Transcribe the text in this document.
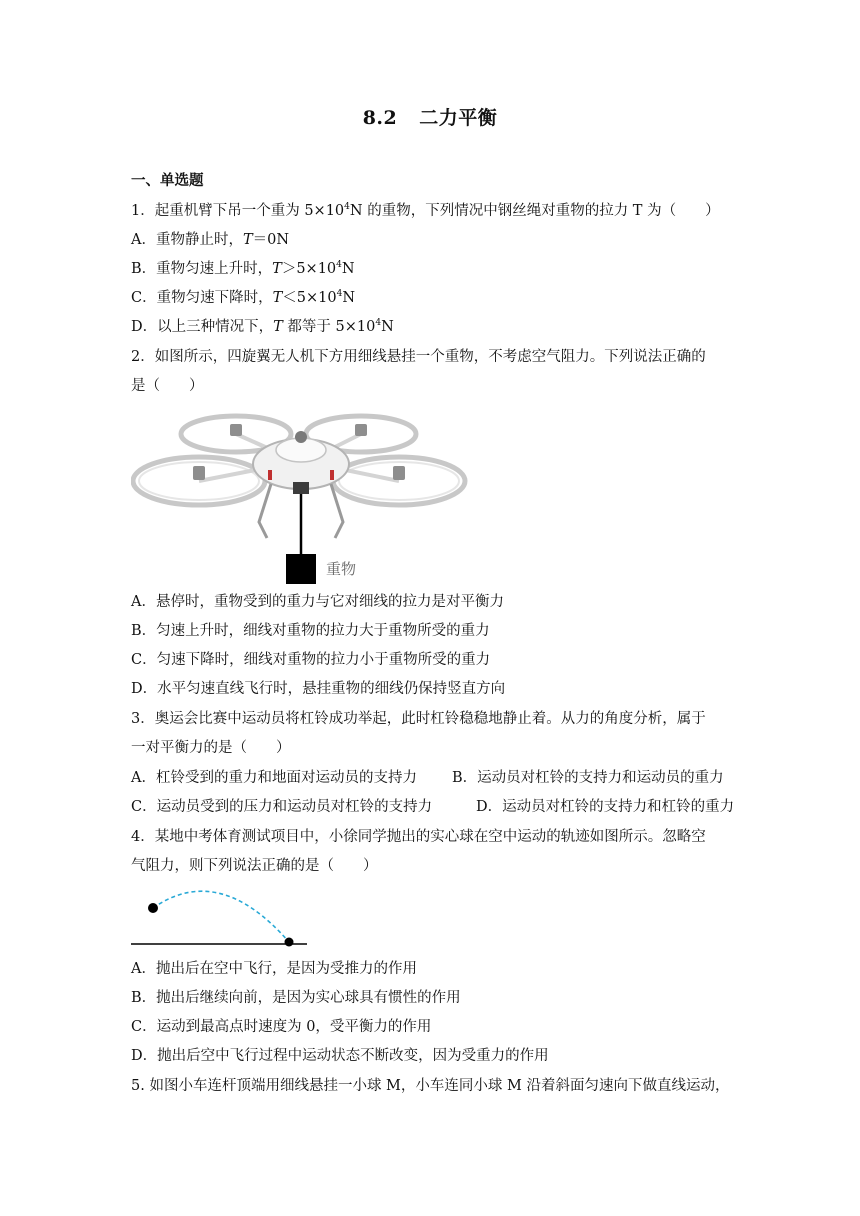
8.2 二力平衡
一、单选题
1．起重机臂下吊一个重为 $5\times 10^4N$ 的重物，下列情况中钢丝绳对重物的拉力 T 为（　　）
A．重物静止时，T＝0N
B．重物匀速上升时，$T>5\times 10^4N$
C．重物匀速下降时，$T<5\times 10^4N$
D．以上三种情况下，T 都等于 $5\times 10^4N$
2．如图所示，四旋翼无人机下方用细线悬挂一个重物，不考虑空气阻力。下列说法正确的
是（　　）
重物
A．悬停时，重物受到的重力与它对细线的拉力是对平衡力
B．匀速上升时，细线对重物的拉力大于重物所受的重力
C．匀速下降时，细线对重物的拉力小于重物所受的重力
D．水平匀速直线飞行时，悬挂重物的细线仍保持竖直方向
3．奥运会比赛中运动员将杠铃成功举起，此时杠铃稳稳地静止着。从力的角度分析，属于
一对平衡力的是（　　）
A．杠铃受到的重力和地面对运动员的支持力 B．运动员对杠铃的支持力和运动员的重力
C．运动员受到的压力和运动员对杠铃的支持力	D．运动员对杠铃的支持力和杠铃的重力
4．某地中考体育测试项目中，小徐同学抛出的实心球在空中运动的轨迹如图所示。忽略空
气阻力，则下列说法正确的是（　　）
A．抛出后在空中飞行，是因为受推力的作用
B．抛出后继续向前，是因为实心球具有惯性的作用
C．运动到最高点时速度为 0，受平衡力的作用
D．抛出后空中飞行过程中运动状态不断改变，因为受重力的作用
5. 如图小车连杆顶端用细线悬挂一小球 M，小车连同小球 M 沿着斜面匀速向下做直线运动，
